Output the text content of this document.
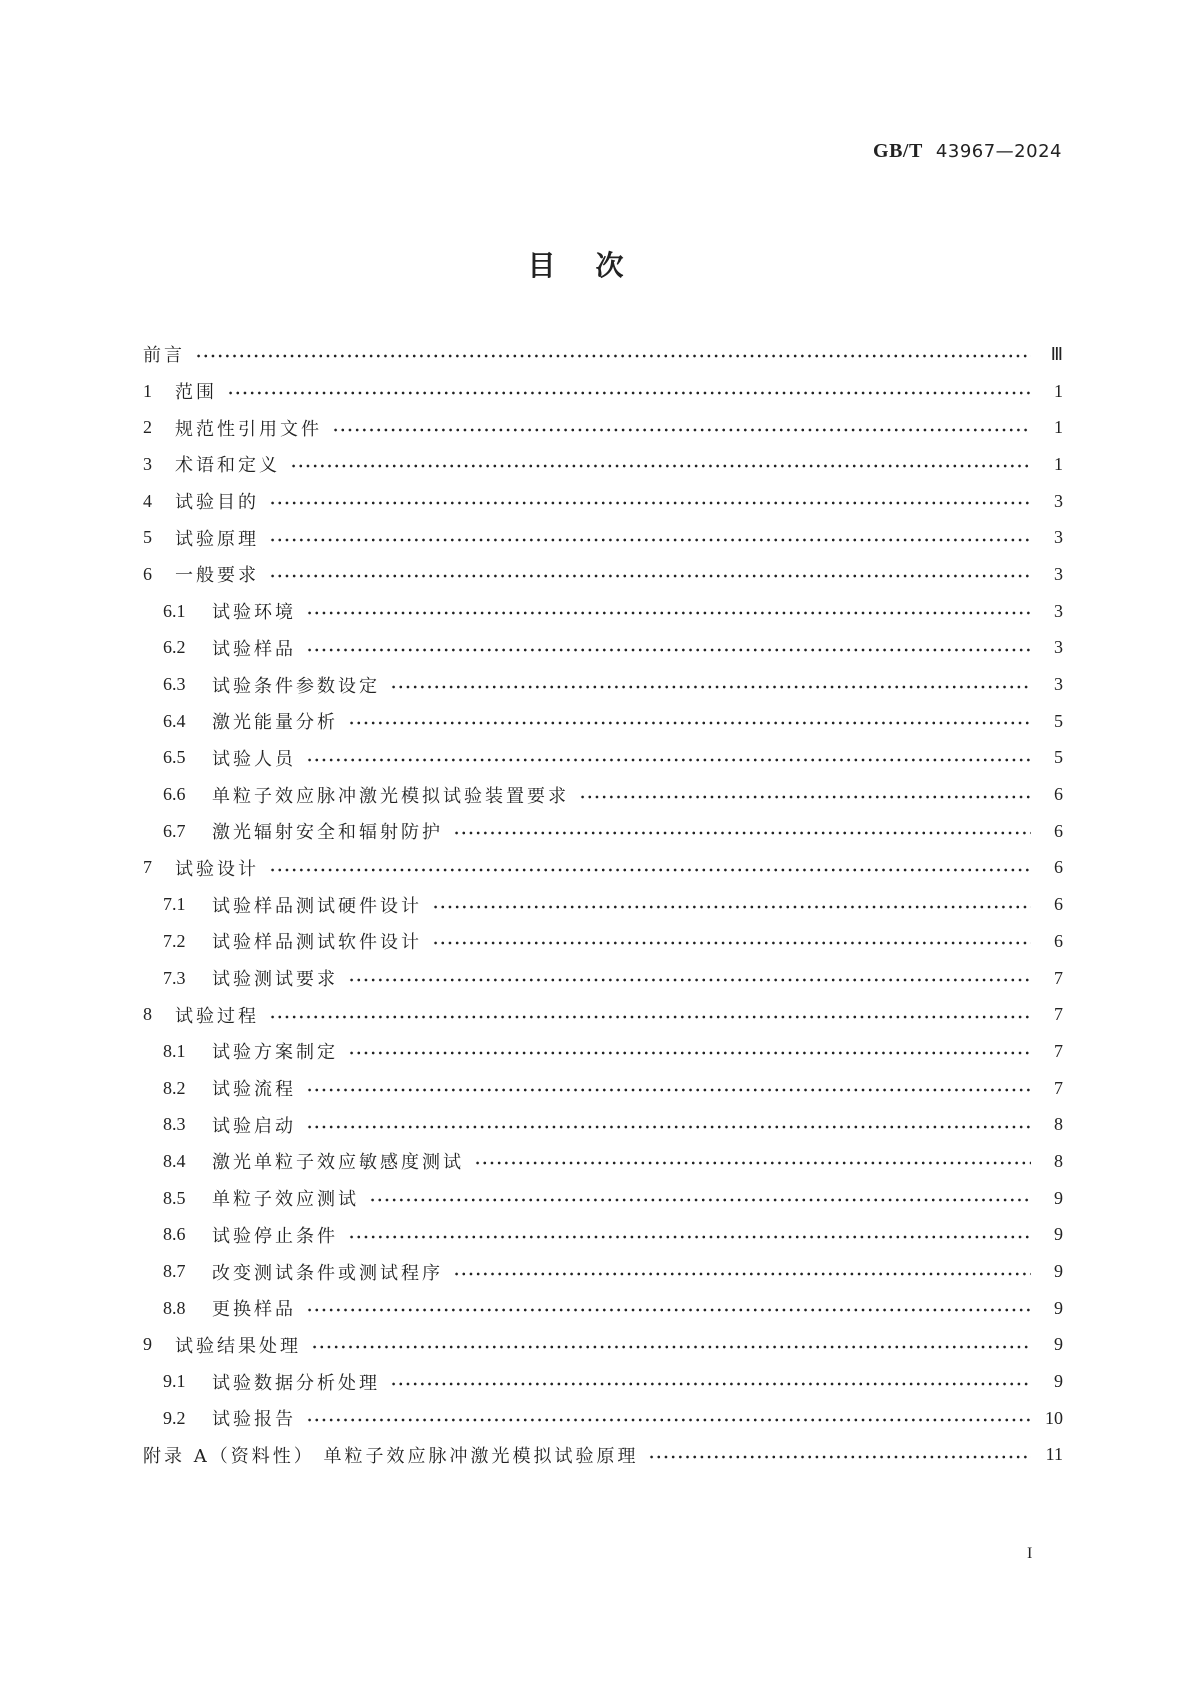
GB/T 43967—2024
目次
前言	Ⅲ
1	范围	1
2	规范性引用文件	1
3	术语和定义	1
4	试验目的	3
5	试验原理	3
6	一般要求	3
6.1	试验环境	3
6.2	试验样品	3
6.3	试验条件参数设定	3
6.4	激光能量分析	5
6.5	试验人员	5
6.6	单粒子效应脉冲激光模拟试验装置要求	6
6.7	激光辐射安全和辐射防护	6
7	试验设计	6
7.1	试验样品测试硬件设计	6
7.2	试验样品测试软件设计	6
7.3	试验测试要求	7
8	试验过程	7
8.1	试验方案制定	7
8.2	试验流程	7
8.3	试验启动	8
8.4	激光单粒子效应敏感度测试	8
8.5	单粒子效应测试	9
8.6	试验停止条件	9
8.7	改变测试条件或测试程序	9
8.8	更换样品	9
9	试验结果处理	9
9.1	试验数据分析处理	9
9.2	试验报告	10
附录 A（资料性） 单粒子效应脉冲激光模拟试验原理	11
I
